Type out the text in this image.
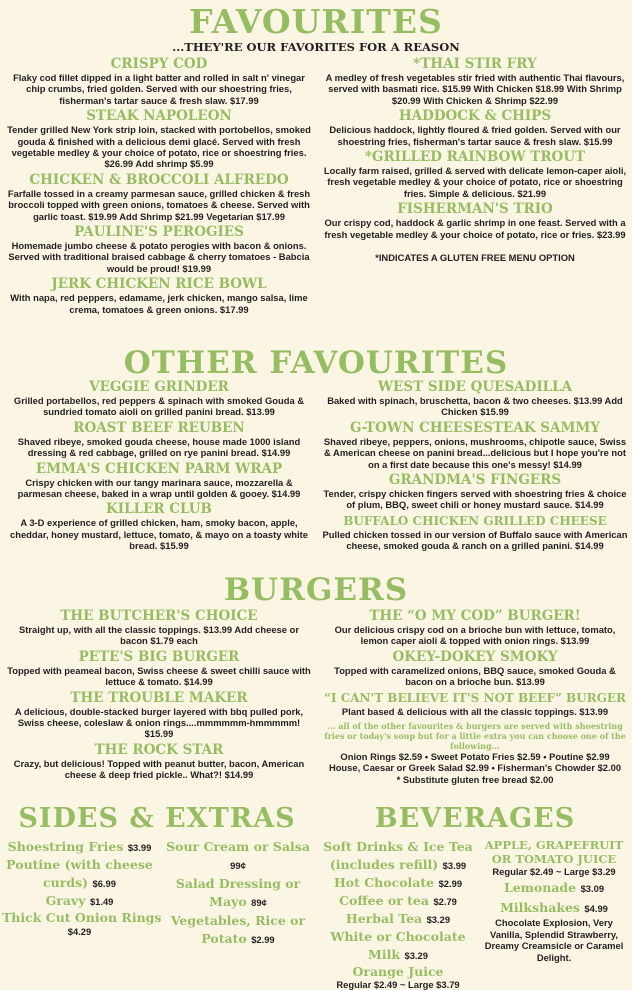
FAVOURITES
...THEY'RE OUR FAVORITES FOR A REASON
CRISPY COD
Flaky cod fillet dipped in a light batter and rolled in salt n' vinegar chip crumbs, fried golden. Served with our shoestring fries, fisherman's tartar sauce & fresh slaw. $17.99
STEAK NAPOLEON
Tender grilled New York strip loin, stacked with portobellos, smoked gouda & finished with a delicious demi glacé. Served with fresh vegetable medley & your choice of potato, rice or shoestring fries. $26.99 Add shrimp $5.99
CHICKEN & BROCCOLI ALFREDO
Farfalle tossed in a creamy parmesan sauce, grilled chicken & fresh broccoli topped with green onions, tomatoes & cheese. Served with garlic toast. $19.99 Add Shrimp $21.99 Vegetarian $17.99
PAULINE'S PEROGIES
Homemade jumbo cheese & potato perogies with bacon & onions. Served with traditional braised cabbage & cherry tomatoes - Babcia would be proud! $19.99
JERK CHICKEN RICE BOWL
With napa, red peppers, edamame, jerk chicken, mango salsa, lime crema, tomatoes & green onions. $17.99
*THAI STIR FRY
A medley of fresh vegetables stir fried with authentic Thai flavours, served with basmati rice. $15.99 With Chicken $18.99 With Shrimp $20.99 With Chicken & Shrimp $22.99
HADDOCK & CHIPS
Delicious haddock, lightly floured & fried golden. Served with our shoestring fries, fisherman's tartar sauce & fresh slaw. $15.99
*GRILLED RAINBOW TROUT
Locally farm raised, grilled & served with delicate lemon-caper aioli, fresh vegetable medley & your choice of potato, rice or shoestring fries. Simple & delicious. $21.99
FISHERMAN'S TRIO
Our crispy cod, haddock & garlic shrimp in one feast. Served with a fresh vegetable medley & your choice of potato, rice or fries. $23.99
*INDICATES A GLUTEN FREE MENU OPTION
OTHER FAVOURITES
VEGGIE GRINDER
Grilled portabellos, red peppers & spinach with smoked Gouda & sundried tomato aioli on grilled panini bread. $13.99
ROAST BEEF REUBEN
Shaved ribeye, smoked gouda cheese, house made 1000 island dressing & red cabbage, grilled on rye panini bread. $14.99
EMMA'S CHICKEN PARM WRAP
Crispy chicken with our tangy marinara sauce, mozzarella & parmesan cheese, baked in a wrap until golden & gooey. $14.99
KILLER CLUB
A 3-D experience of grilled chicken, ham, smoky bacon, apple, cheddar, honey mustard, lettuce, tomato, & mayo on a toasty white bread. $15.99
WEST SIDE QUESADILLA
Baked with spinach, bruschetta, bacon & two cheeses. $13.99 Add Chicken $15.99
G-TOWN CHEESESTEAK SAMMY
Shaved ribeye, peppers, onions, mushrooms, chipotle sauce, Swiss & American cheese on panini bread...delicious but I hope you're not on a first date because this one's messy! $14.99
GRANDMA'S FINGERS
Tender, crispy chicken fingers served with shoestring fries & choice of plum, BBQ, sweet chili or honey mustard sauce. $14.99
BUFFALO CHICKEN GRILLED CHEESE
Pulled chicken tossed in our version of Buffalo sauce with American cheese, smoked gouda & ranch on a grilled panini. $14.99
BURGERS
THE BUTCHER'S CHOICE
Straight up, with all the classic toppings. $13.99 Add cheese or bacon $1.79 each
PETE'S BIG BURGER
Topped with peameal bacon, Swiss cheese & sweet chilli sauce with lettuce & tomato. $14.99
THE TROUBLE MAKER
A delicious, double-stacked burger layered with bbq pulled pork, Swiss cheese, coleslaw & onion rings....mmmmmm-hmmmmm! $15.99
THE ROCK STAR
Crazy, but delicious! Topped with peanut butter, bacon, American cheese & deep fried pickle.. What?! $14.99
THE “O MY COD” BURGER!
Our delicious crispy cod on a brioche bun with lettuce, tomato, lemon caper aioli & topped with onion rings. $13.99
OKEY-DOKEY SMOKY
Topped with caramelized onions, BBQ sauce, smoked Gouda & bacon on a brioche bun. $13.99
“I CAN'T BELIEVE IT'S NOT BEEF” BURGER
Plant based & delicious with all the classic toppings. $13.99
... all of the other favourites & burgers are served with shoestring fries or today's soup but for a little extra you can choose one of the following...
Onion Rings $2.59 • Sweet Potato Fries $2.59 • Poutine $2.99
House, Caesar or Greek Salad $2.99 • Fisherman's Chowder $2.00
* Substitute gluten free bread $2.00
SIDES & EXTRAS
Shoestring Fries $3.99
Poutine (with cheese curds) $6.99
Gravy $1.49
Thick Cut Onion Rings
$4.29
Sour Cream or Salsa 99¢
Salad Dressing or Mayo 89¢
Vegetables, Rice or Potato $2.99
BEVERAGES
Soft Drinks & Ice Tea (includes refill) $3.99
Hot Chocolate $2.99
Coffee or tea $2.79
Herbal Tea $3.29
White or Chocolate Milk $3.29
Orange Juice
Regular $2.49 ~ Large $3.79
APPLE, GRAPEFRUIT OR TOMATO JUICE
Regular $2.49 ~ Large $3.29
Lemonade $3.09
Milkshakes $4.99
Chocolate Explosion, Very Vanilla, Splendid Strawberry, Dreamy Creamsicle or Caramel Delight.
